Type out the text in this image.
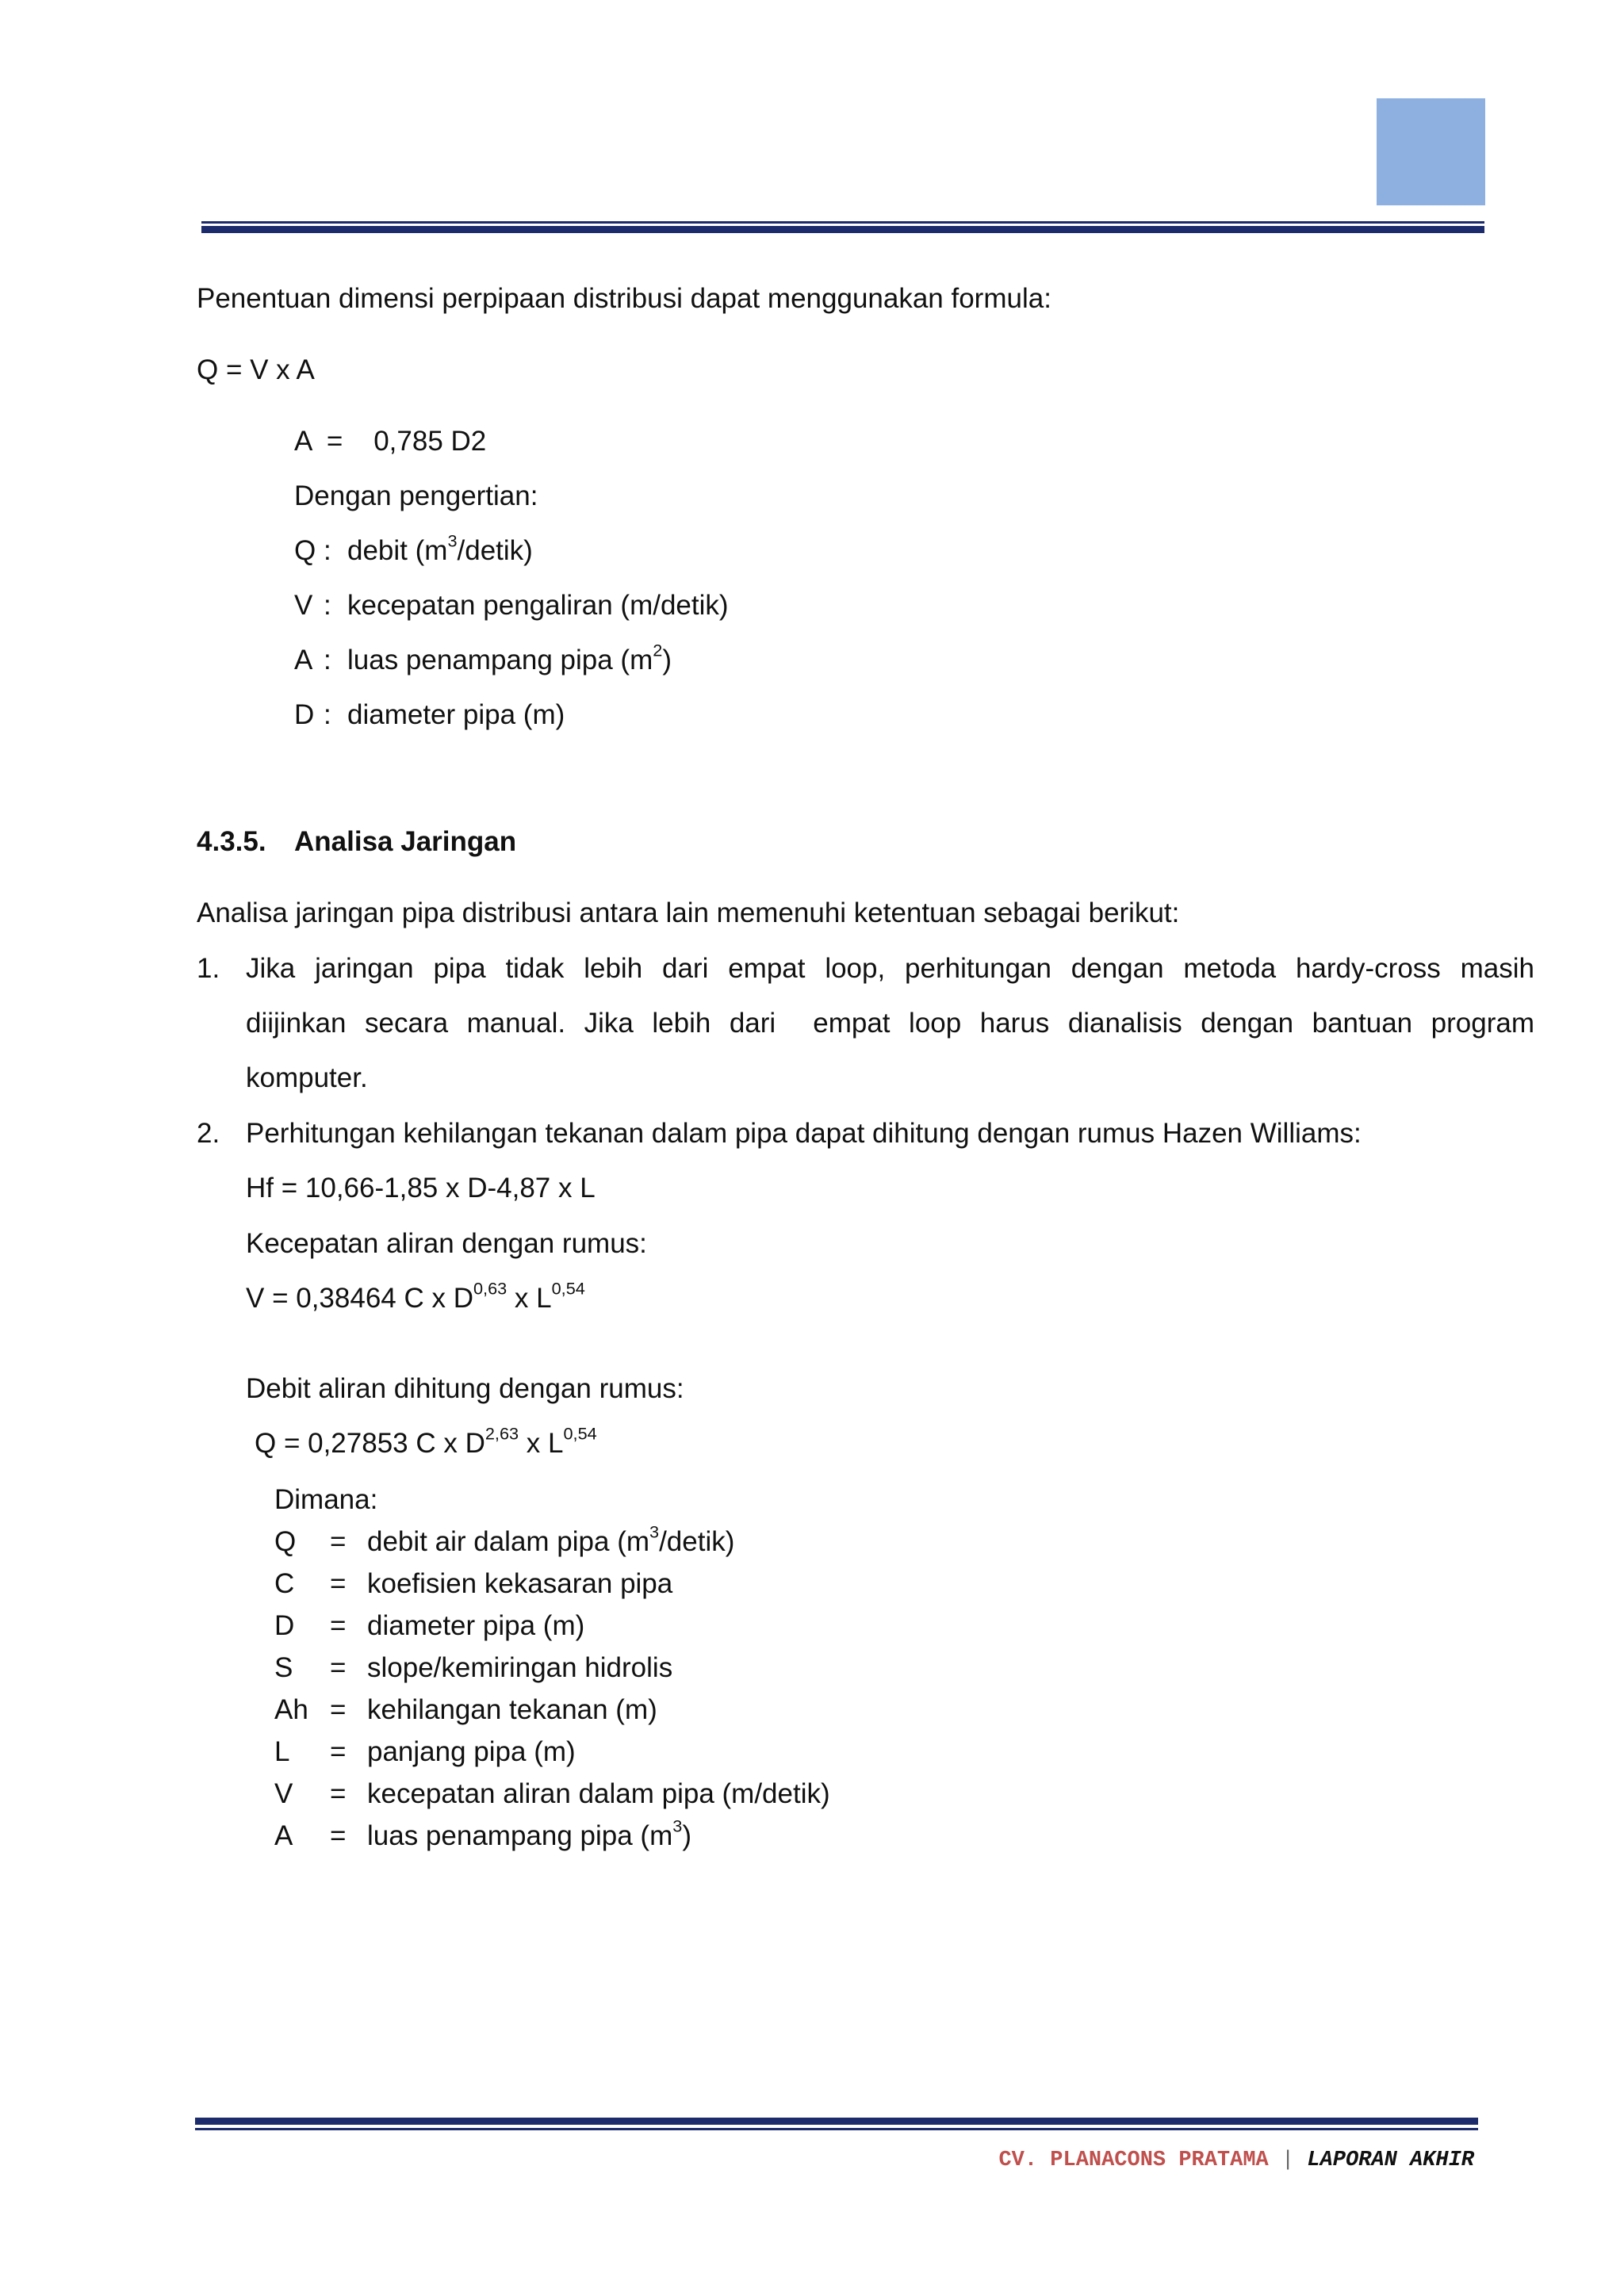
Penentuan dimensi perpipaan distribusi dapat menggunakan formula:
Q = V x A
A  =    0,785 D2
Dengan pengertian:
Q : debit $(m^3/detik)$
V : kecepatan pengaliran (m/detik)
A : luas penampang pipa $(m^2)$
D : diameter pipa (m)
4.3.5. Analisa Jaringan
Analisa jaringan pipa distribusi antara lain memenuhi ketentuan sebagai berikut:
1. Jika jaringan pipa tidak lebih dari empat loop, perhitungan dengan metoda hardy-cross masih
diijinkan secara manual. Jika lebih dari  empat loop harus dianalisis dengan bantuan program
komputer.
2. Perhitungan kehilangan tekanan dalam pipa dapat dihitung dengan rumus Hazen Williams:
Hf = 10,66-1,85 x D-4,87 x L
Kecepatan aliran dengan rumus:
V = 0,38464 C x D$^{0,63}$ x L$^{0,54}$
Debit aliran dihitung dengan rumus:
Q = 0,27853 C x D$^{2,63}$ x L$^{0,54}$
Dimana:
Q = debit air dalam pipa $(m^3/detik)$
C = koefisien kekasaran pipa
D = diameter pipa (m)
S = slope/kemiringan hidrolis
Ah = kehilangan tekanan (m)
L = panjang pipa (m)
V = kecepatan aliran dalam pipa (m/detik)
A = luas penampang pipa $(m^3)$
CV. PLANACONS PRATAMA | LAPORAN AKHIR
